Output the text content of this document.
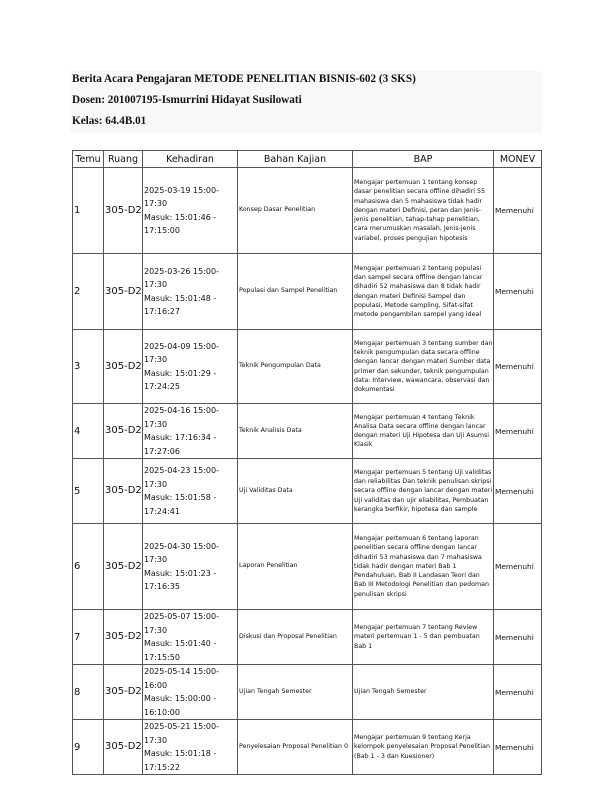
Berita Acara Pengajaran METODE PENELITIAN BISNIS-602 (3 SKS)
Dosen: 201007195-Ismurrini Hidayat Susilowati
Kelas: 64.4B.01
Temu	Ruang	Kehadiran	Bahan Kajian	BAP	MONEV
1	305-D2	2025-03-19 15:00-17:30
Masuk: 15:01:46 - 17:15:00	Konsep Dasar Penelitian	Mengajar pertemuan 1 tentang konsep dasar penelitian secara offline dihadiri 55 mahasiswa dan 5 mahasiswa tidak hadir dengan materi Definisi, peran dan Jenis-jenis penelitian, tahap-tahap penelitian, cara merumuskan masalah, Jenis-jenis variabel, proses pengujian hipotesis	Memenuhi
2	305-D2	2025-03-26 15:00-17:30
Masuk: 15:01:48 - 17:16:27	Populasi dan Sampel Penelitian	Mengajar pertemuan 2 tentang populasi dan sampel secara offline dengan lancar dihadiri 52 mahasiswa dan 8 tidak hadir dengan materi Definisi Sampel dan populasi, Metode sampling, Sifat-sifat metode pengambilan sampel yang ideal	Memenuhi
3	305-D2	2025-04-09 15:00-17:30
Masuk: 15:01:29 - 17:24:25	Teknik Pengumpulan Data	Mengajar pertemuan 3 tentang sumber dan teknik pengumpulan data secara offline dengan lancar dengan materi Sumber data primer dan sekunder, teknik pengumpulan data: Interview, wawancara, observasi dan dokumentasi	Memenuhi
4	305-D2	2025-04-16 15:00-17:30
Masuk: 17:16:34 - 17:27:06	Teknik Analisis Data	Mengajar pertemuan 4 tentang Teknik Analisa Data secara offline dengan lancar dengan materi Uji Hipotesa dan Uji Asumsi Klasik	Memenuhi
5	305-D2	2025-04-23 15:00-17:30
Masuk: 15:01:58 - 17:24:41	Uji Validitas Data	Mengajar pertemuan 5 tentang Uji validitas dan reliabilitas Dan teknik penulisan skripsi secara offline dengan lancar dengan materi Uji validitas dan ujir eliabilitas, Pembuatan kerangka berfikir, hipotesa dan sample	Memenuhi
6	305-D2	2025-04-30 15:00-17:30
Masuk: 15:01:23 - 17:16:35	Laporan Penelitian	Mengajar pertemuan 6 tentang laporan penelitian secara offline dengan lancar dihadiri 53 mahasiswa dan 7 mahasiswa tidak hadir dengan materi Bab 1 Pendahuluan, Bab II Landasan Teori dan Bab III Metodologi Penelitian dan pedoman penulisan skripsi	Memenuhi
7	305-D2	2025-05-07 15:00-17:30
Masuk: 15:01:40 - 17:15:50	Diskusi dan Proposal Penelitian	Mengajar pertemuan 7 tentang Review materi pertemuan 1 - 5 dan pembuatan Bab 1	Memenuhi
8	305-D2	2025-05-14 15:00-16:00
Masuk: 15:00:00 - 16:10:00	Ujian Tengah Semester	Ujian Tengah Semester	Memenuhi
9	305-D2	2025-05-21 15:00-17:30
Masuk: 15:01:18 - 17:15:22	Penyelesaian Proposal Penelitian 0	Mengajar pertemuan 9 tentang Kerja kelompok penyelesaian Proposal Penelitian (Bab 1 - 3 dan Kuesioner)	Memenuhi
